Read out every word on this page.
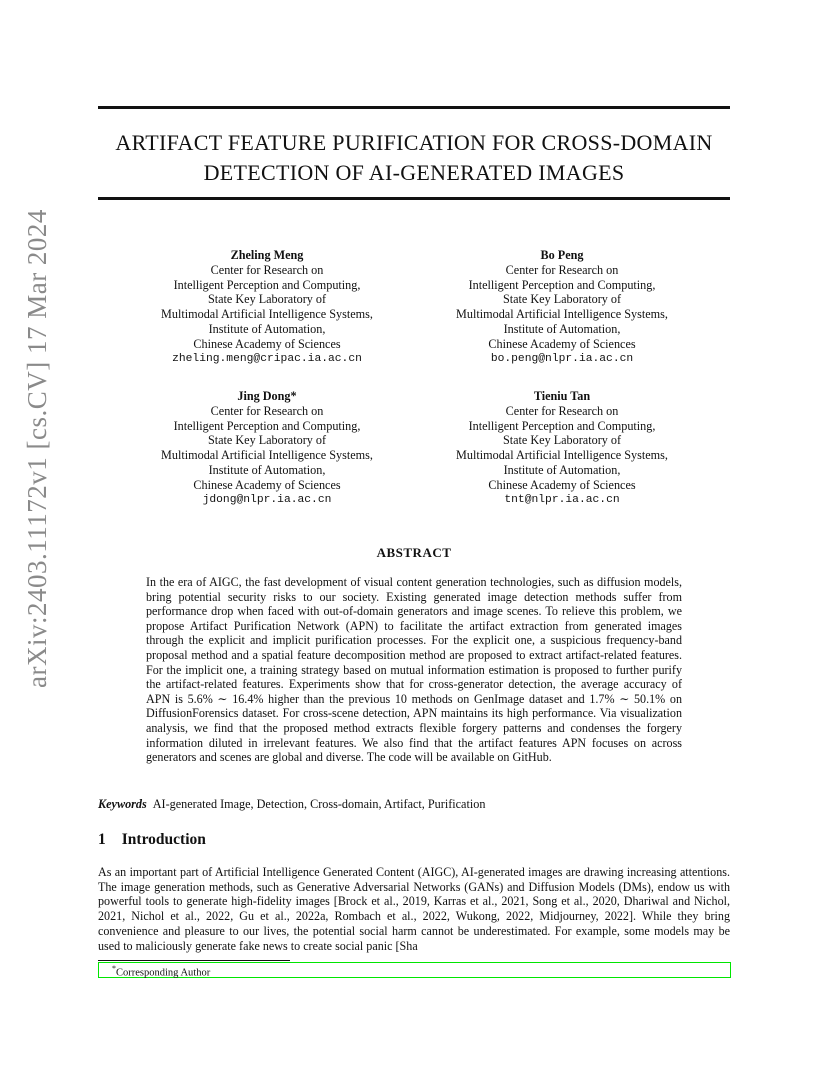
arXiv:2403.11172v1 [cs.CV] 17 Mar 2024
ARTIFACT FEATURE PURIFICATION FOR CROSS-DOMAIN
DETECTION OF AI-GENERATED IMAGES
Zheling Meng
Center for Research on
Intelligent Perception and Computing,
State Key Laboratory of
Multimodal Artificial Intelligence Systems,
Institute of Automation,
Chinese Academy of Sciences
zheling.meng@cripac.ia.ac.cn
Bo Peng
Center for Research on
Intelligent Perception and Computing,
State Key Laboratory of
Multimodal Artificial Intelligence Systems,
Institute of Automation,
Chinese Academy of Sciences
bo.peng@nlpr.ia.ac.cn
Jing Dong*
Center for Research on
Intelligent Perception and Computing,
State Key Laboratory of
Multimodal Artificial Intelligence Systems,
Institute of Automation,
Chinese Academy of Sciences
jdong@nlpr.ia.ac.cn
Tieniu Tan
Center for Research on
Intelligent Perception and Computing,
State Key Laboratory of
Multimodal Artificial Intelligence Systems,
Institute of Automation,
Chinese Academy of Sciences
tnt@nlpr.ia.ac.cn
ABSTRACT
In the era of AIGC, the fast development of visual content generation technologies, such as diffusion models, bring potential security risks to our society. Existing generated image detection methods suffer from performance drop when faced with out-of-domain generators and image scenes. To relieve this problem, we propose Artifact Purification Network (APN) to facilitate the artifact extraction from generated images through the explicit and implicit purification processes. For the explicit one, a suspicious frequency-band proposal method and a spatial feature decomposition method are proposed to extract artifact-related features. For the implicit one, a training strategy based on mutual information estimation is proposed to further purify the artifact-related features. Experiments show that for cross-generator detection, the average accuracy of APN is 5.6% ∼ 16.4% higher than the previous 10 methods on GenImage dataset and 1.7% ∼ 50.1% on DiffusionForensics dataset. For cross-scene detection, APN maintains its high performance. Via visualization analysis, we find that the proposed method extracts flexible forgery patterns and condenses the forgery information diluted in irrelevant features. We also find that the artifact features APN focuses on across generators and scenes are global and diverse. The code will be available on GitHub.
Keywords AI-generated Image, Detection, Cross-domain, Artifact, Purification
1 Introduction
As an important part of Artificial Intelligence Generated Content (AIGC), AI-generated images are drawing increasing attentions. The image generation methods, such as Generative Adversarial Networks (GANs) and Diffusion Models (DMs), endow us with powerful tools to generate high-fidelity images [Brock et al., 2019, Karras et al., 2021, Song et al., 2020, Dhariwal and Nichol, 2021, Nichol et al., 2022, Gu et al., 2022a, Rombach et al., 2022, Wukong, 2022, Midjourney, 2022]. While they bring convenience and pleasure to our lives, the potential social harm cannot be underestimated. For example, some models may be used to maliciously generate fake news to create social panic [Sha
*Corresponding Author
